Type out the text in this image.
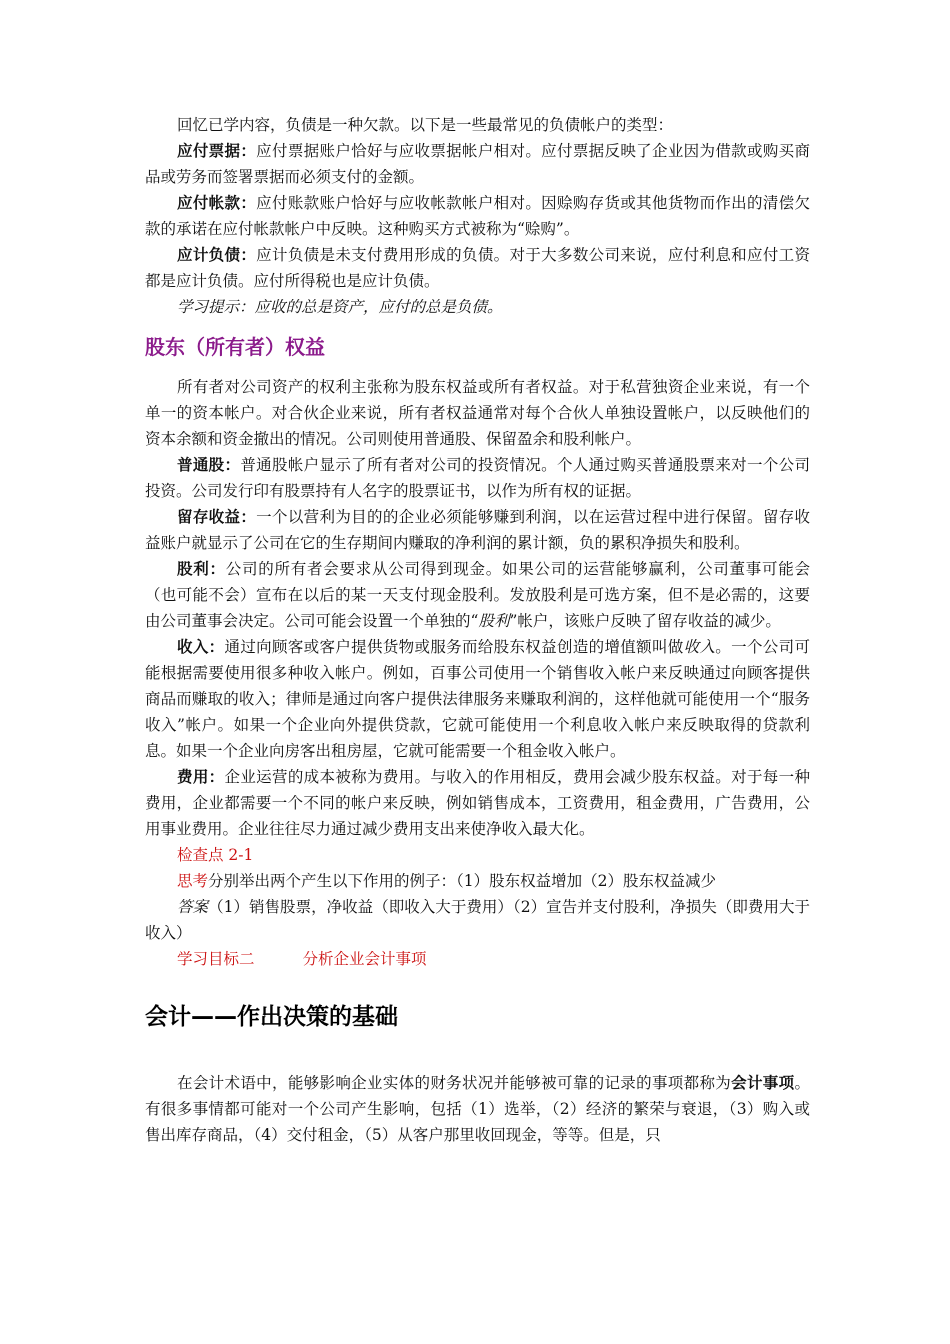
回忆已学内容，负债是一种欠款。以下是一些最常见的负债帐户的类型：

应付票据：应付票据账户恰好与应收票据帐户相对。应付票据反映了企业因为借款或购买商品或劳务而签署票据而必须支付的金额。

应付帐款：应付账款账户恰好与应收帐款帐户相对。因赊购存货或其他货物而作出的清偿欠款的承诺在应付帐款帐户中反映。这种购买方式被称为“赊购”。

应计负债：应计负债是未支付费用形成的负债。对于大多数公司来说，应付利息和应付工资都是应计负债。应付所得税也是应计负债。

学习提示：应收的总是资产，应付的总是负债。

股东（所有者）权益

所有者对公司资产的权利主张称为股东权益或所有者权益。对于私营独资企业来说，有一个单一的资本帐户。对合伙企业来说，所有者权益通常对每个合伙人单独设置帐户，以反映他们的资本余额和资金撤出的情况。公司则使用普通股、保留盈余和股利帐户。

普通股：普通股帐户显示了所有者对公司的投资情况。个人通过购买普通股票来对一个公司投资。公司发行印有股票持有人名字的股票证书，以作为所有权的证据。

留存收益：一个以营利为目的的企业必须能够赚到利润，以在运营过程中进行保留。留存收益账户就显示了公司在它的生存期间内赚取的净利润的累计额，负的累积净损失和股利。

股利：公司的所有者会要求从公司得到现金。如果公司的运营能够赢利，公司董事可能会（也可能不会）宣布在以后的某一天支付现金股利。发放股利是可选方案，但不是必需的，这要由公司董事会决定。公司可能会设置一个单独的“股利”帐户，该账户反映了留存收益的减少。

收入：通过向顾客或客户提供货物或服务而给股东权益创造的增值额叫做收入。一个公司可能根据需要使用很多种收入帐户。例如，百事公司使用一个销售收入帐户来反映通过向顾客提供商品而赚取的收入；律师是通过向客户提供法律服务来赚取利润的，这样他就可能使用一个“服务收入”帐户。如果一个企业向外提供贷款，它就可能使用一个利息收入帐户来反映取得的贷款利息。如果一个企业向房客出租房屋，它就可能需要一个租金收入帐户。

费用：企业运营的成本被称为费用。与收入的作用相反，费用会减少股东权益。对于每一种费用，企业都需要一个不同的帐户来反映，例如销售成本，工资费用，租金费用，广告费用，公用事业费用。企业往往尽力通过减少费用支出来使净收入最大化。

检查点 2-1

思考分别举出两个产生以下作用的例子：（1）股东权益增加（2）股东权益减少

答案（1）销售股票，净收益（即收入大于费用）（2）宣告并支付股利，净损失（即费用大于收入）

学习目标二	分析企业会计事项

会计——作出决策的基础

在会计术语中，能够影响企业实体的财务状况并能够被可靠的记录的事项都称为会计事项。有很多事情都可能对一个公司产生影响，包括（1）选举，（2）经济的繁荣与衰退，（3）购入或售出库存商品，（4）交付租金，（5）从客户那里收回现金，等等。但是，只
